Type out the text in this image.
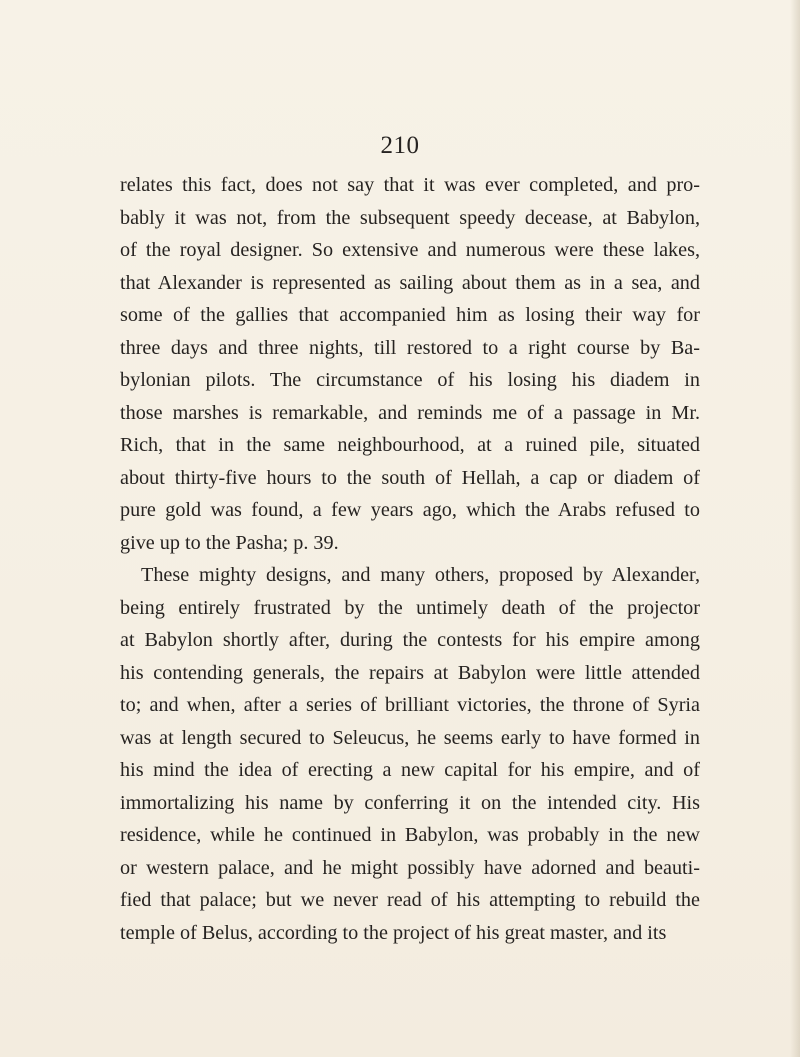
210
relates this fact, does not say that it was ever completed, and pro-
bably it was not, from the subsequent speedy decease, at Babylon,
of the royal designer. So extensive and numerous were these lakes,
that Alexander is represented as sailing about them as in a sea, and
some of the gallies that accompanied him as losing their way for
three days and three nights, till restored to a right course by Ba-
bylonian pilots. The circumstance of his losing his diadem in
those marshes is remarkable, and reminds me of a passage in Mr.
Rich, that in the same neighbourhood, at a ruined pile, situated
about thirty-five hours to the south of Hellah, a cap or diadem of
pure gold was found, a few years ago, which the Arabs refused to
give up to the Pasha; p. 39.
These mighty designs, and many others, proposed by Alexander,
being entirely frustrated by the untimely death of the projector
at Babylon shortly after, during the contests for his empire among
his contending generals, the repairs at Babylon were little attended
to; and when, after a series of brilliant victories, the throne of Syria
was at length secured to Seleucus, he seems early to have formed in
his mind the idea of erecting a new capital for his empire, and of
immortalizing his name by conferring it on the intended city. His
residence, while he continued in Babylon, was probably in the new
or western palace, and he might possibly have adorned and beauti-
fied that palace; but we never read of his attempting to rebuild the
temple of Belus, according to the project of his great master, and its
